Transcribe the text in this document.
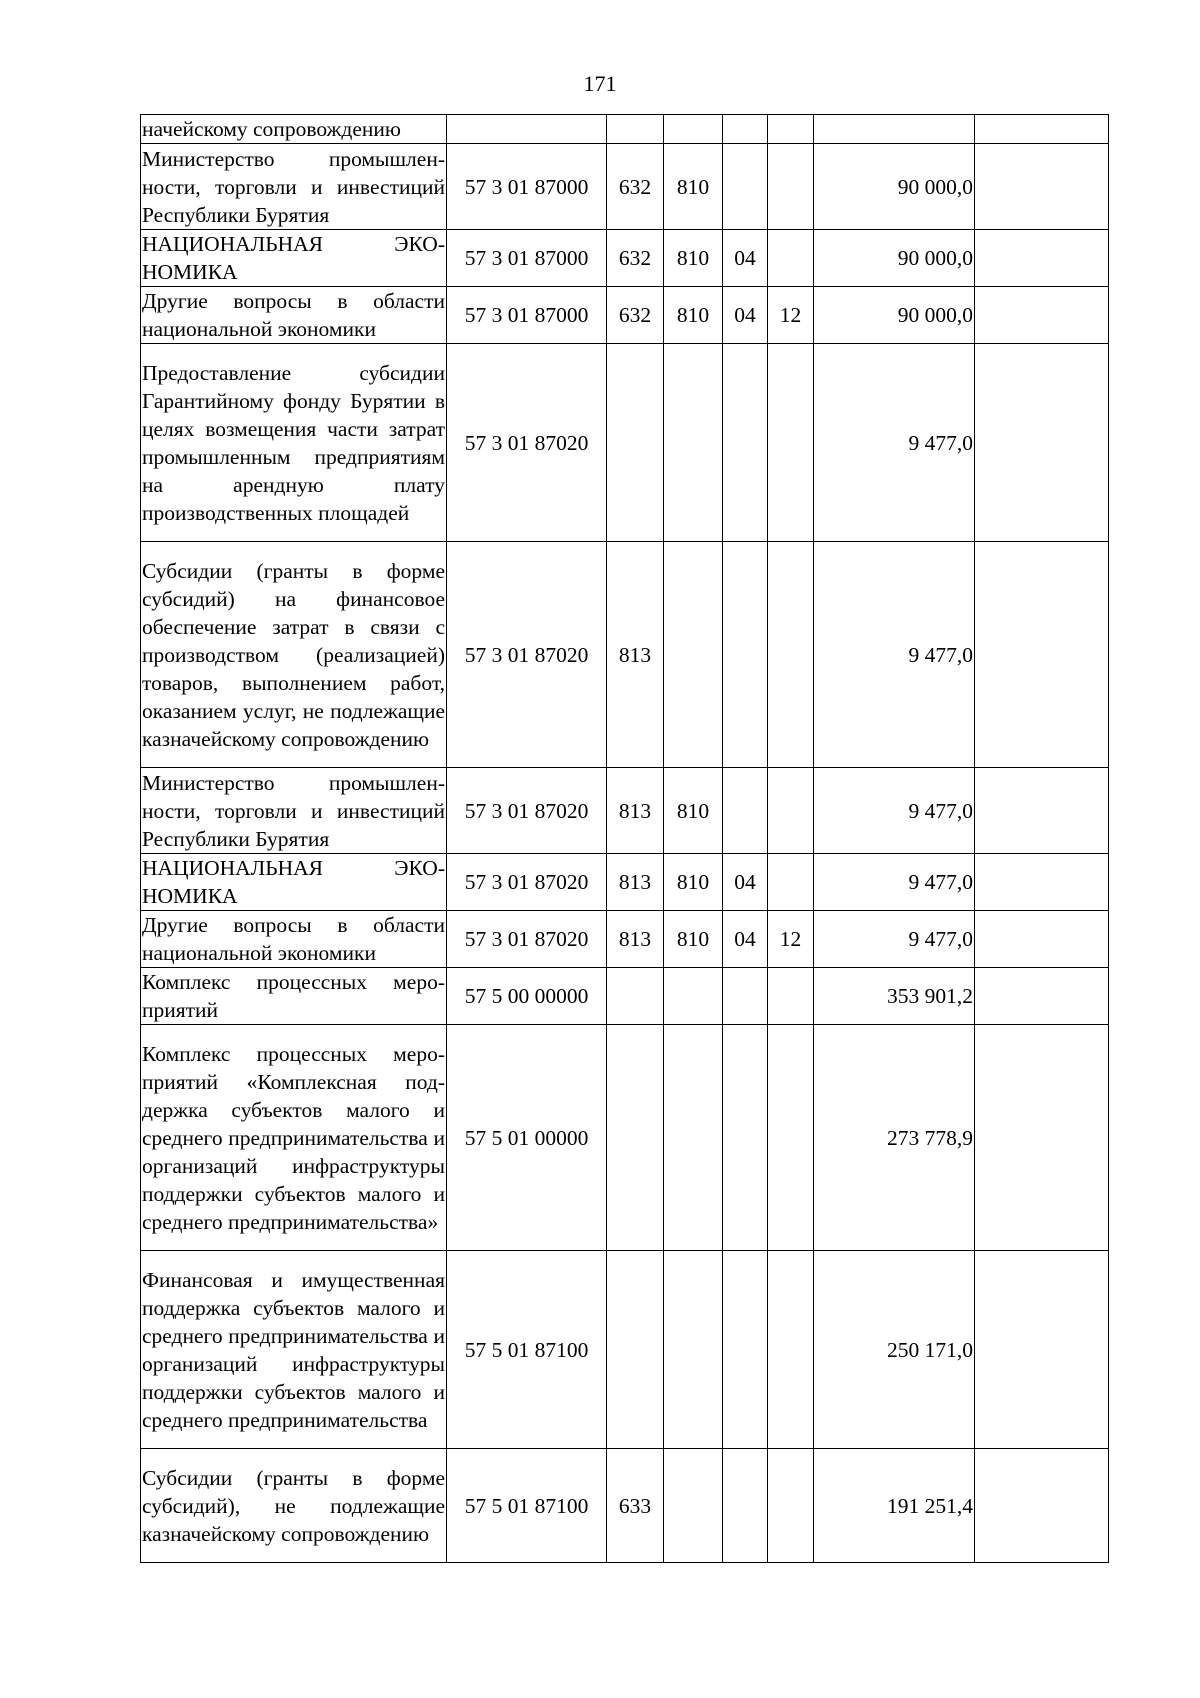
171
начейскому сопровождению							
Министерство промышленности, торговли и инвестиций Республики Бурятия	57 3 01 87000	632	810			90 000,0	
НАЦИОНАЛЬНАЯ ЭКОНОМИКА	57 3 01 87000	632	810	04		90 000,0	
Другие вопросы в области национальной экономики	57 3 01 87000	632	810	04	12	90 000,0	
Предоставление субсидии Гарантийному фонду Бурятии в целях возмещения части затрат промышленным предприятиям на арендную плату производственных площадей	57 3 01 87020					9 477,0	
Субсидии (гранты в форме субсидий) на финансовое обеспечение затрат в связи с производством (реализацией) товаров, выполнением работ, оказанием услуг, не подлежащие казначейскому сопровождению	57 3 01 87020	813				9 477,0	
Министерство промышленности, торговли и инвестиций Республики Бурятия	57 3 01 87020	813	810			9 477,0	
НАЦИОНАЛЬНАЯ ЭКОНОМИКА	57 3 01 87020	813	810	04		9 477,0	
Другие вопросы в области национальной экономики	57 3 01 87020	813	810	04	12	9 477,0	
Комплекс процессных мероприятий	57 5 00 00000					353 901,2	
Комплекс процессных мероприятий «Комплексная поддержка субъектов малого и среднего предпринимательства и организаций инфраструктуры поддержки субъектов малого и среднего предпринимательства»	57 5 01 00000					273 778,9	
Финансовая и имущественная поддержка субъектов малого и среднего предпринимательства и организаций инфраструктуры поддержки субъектов малого и среднего предпринимательства	57 5 01 87100					250 171,0	
Субсидии (гранты в форме субсидий), не подлежащие казначейскому сопровождению	57 5 01 87100	633				191 251,4	
